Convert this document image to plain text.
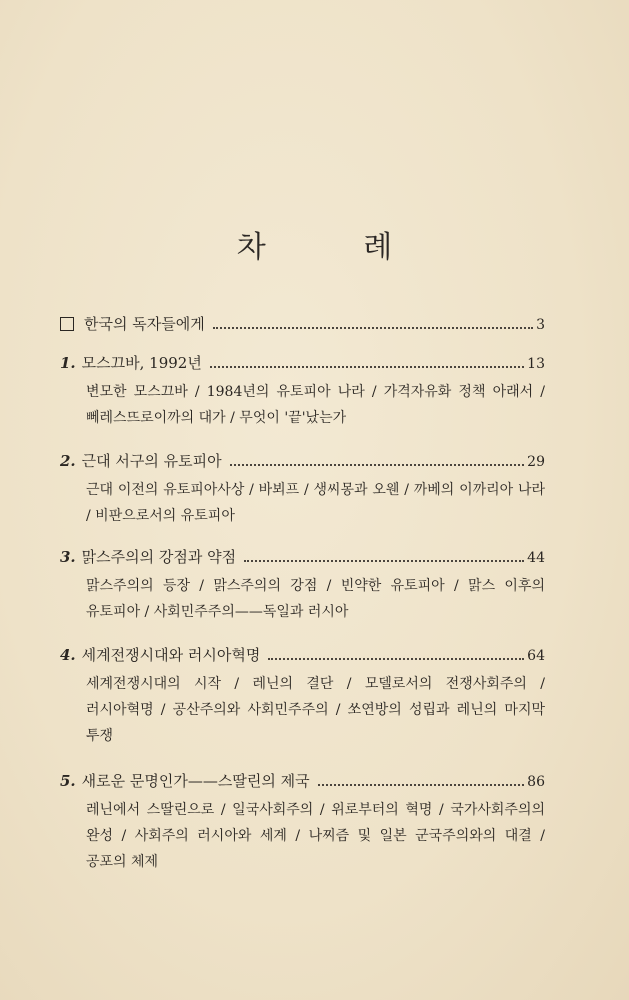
차 례
한국의 독자들에게	3
1. 모스끄바, 1992년	13
변모한 모스끄바 / 1984년의 유토피아 나라 / 가격자유화 정책 아래서 / 뻬레스뜨로이까의 대가 / 무엇이 '끝'났는가
2. 근대 서구의 유토피아	29
근대 이전의 유토피아사상 / 바뵈프 / 생씨몽과 오웬 / 까베의 이까리아 나라 / 비판으로서의 유토피아
3. 맑스주의의 강점과 약점	44
맑스주의의 등장 / 맑스주의의 강점 / 빈약한 유토피아 / 맑스 이후의 유토피아 / 사회민주주의——독일과 러시아
4. 세계전쟁시대와 러시아혁명	64
세계전쟁시대의 시작 / 레닌의 결단 / 모델로서의 전쟁사회주의 / 러시아혁명 / 공산주의와 사회민주주의 / 쏘연방의 성립과 레닌의 마지막 투쟁
5. 새로운 문명인가——스딸린의 제국	86
레닌에서 스딸린으로 / 일국사회주의 / 위로부터의 혁명 / 국가사회주의의 완성 / 사회주의 러시아와 세계 / 나찌즘 및 일본 군국주의와의 대결 / 공포의 체제
